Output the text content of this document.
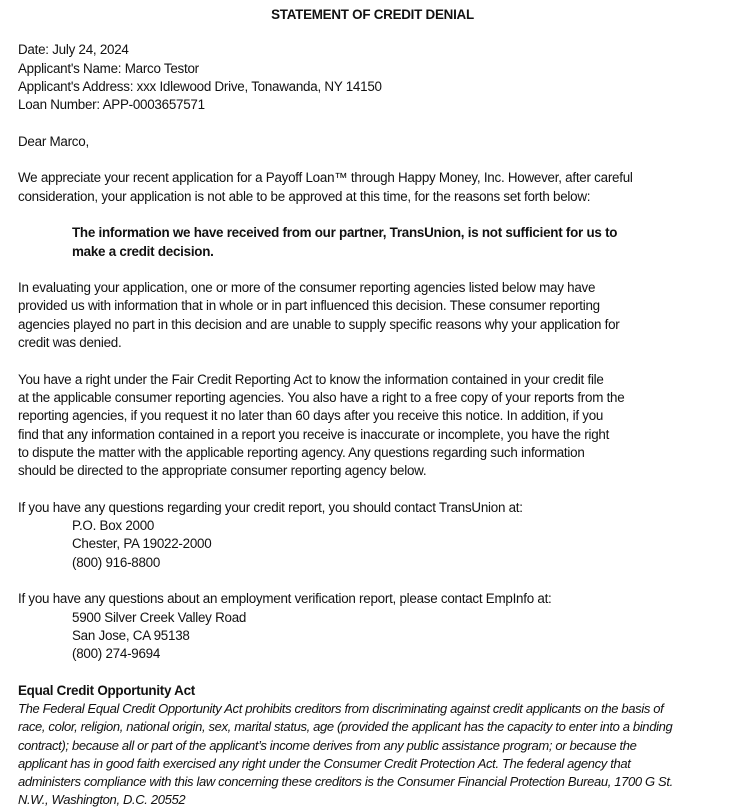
STATEMENT OF CREDIT DENIAL
Date: July 24, 2024
Applicant's Name: Marco Testor
Applicant's Address: xxx Idlewood Drive, Tonawanda, NY 14150
Loan Number: APP-0003657571
Dear Marco,
We appreciate your recent application for a Payoff Loan™ through Happy Money, Inc. However, after careful
consideration, your application is not able to be approved at this time, for the reasons set forth below:
The information we have received from our partner, TransUnion, is not sufficient for us to
make a credit decision.
In evaluating your application, one or more of the consumer reporting agencies listed below may have
provided us with information that in whole or in part influenced this decision. These consumer reporting
agencies played no part in this decision and are unable to supply specific reasons why your application for
credit was denied.
You have a right under the Fair Credit Reporting Act to know the information contained in your credit file
at the applicable consumer reporting agencies. You also have a right to a free copy of your reports from the
reporting agencies, if you request it no later than 60 days after you receive this notice. In addition, if you
find that any information contained in a report you receive is inaccurate or incomplete, you have the right
to dispute the matter with the applicable reporting agency. Any questions regarding such information
should be directed to the appropriate consumer reporting agency below.
If you have any questions regarding your credit report, you should contact TransUnion at:
P.O. Box 2000
Chester, PA 19022-2000
(800) 916-8800
If you have any questions about an employment verification report, please contact EmpInfo at:
5900 Silver Creek Valley Road
San Jose, CA 95138
(800) 274-9694
Equal Credit Opportunity Act
The Federal Equal Credit Opportunity Act prohibits creditors from discriminating against credit applicants on the basis of
race, color, religion, national origin, sex, marital status, age (provided the applicant has the capacity to enter into a binding
contract); because all or part of the applicant’s income derives from any public assistance program; or because the
applicant has in good faith exercised any right under the Consumer Credit Protection Act. The federal agency that
administers compliance with this law concerning these creditors is the Consumer Financial Protection Bureau, 1700 G St.
N.W., Washington, D.C. 20552
